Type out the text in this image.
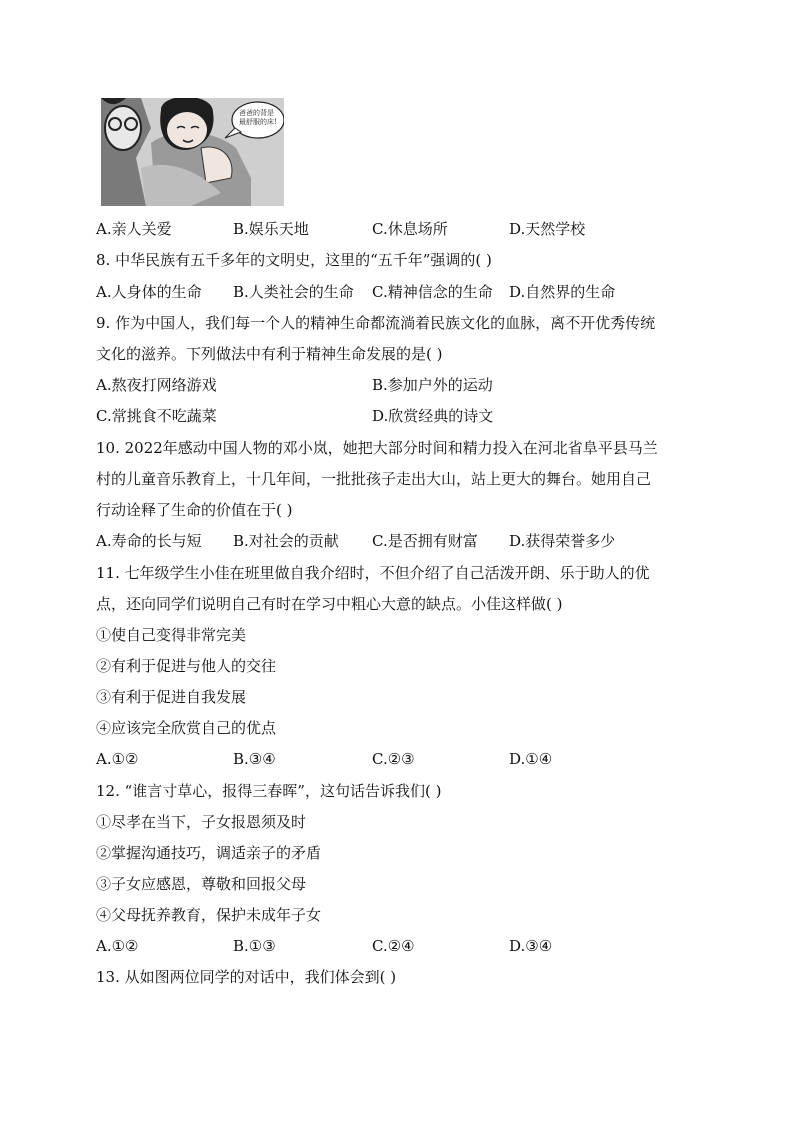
爸爸的背是最舒服的床!
A.亲人关爱	B.娱乐天地	C.休息场所	D.天然学校
8. 中华民族有五千多年的文明史，这里的“五千年”强调的( )
A.人身体的生命 B.人类社会的生命 C.精神信念的生命 D.自然界的生命
9. 作为中国人，我们每一个人的精神生命都流淌着民族文化的血脉，离不开优秀传统
文化的滋养。下列做法中有利于精神生命发展的是( )
A.熬夜打网络游戏	B.参加户外的运动
C.常挑食不吃蔬菜	D.欣赏经典的诗文
10. 2022年感动中国人物的邓小岚，她把大部分时间和精力投入在河北省阜平县马兰
村的儿童音乐教育上，十几年间，一批批孩子走出大山，站上更大的舞台。她用自己
行动诠释了生命的价值在于( )
A.寿命的长与短 B.对社会的贡献 C.是否拥有财富 D.获得荣誉多少
11. 七年级学生小佳在班里做自我介绍时，不但介绍了自己活泼开朗、乐于助人的优
点，还向同学们说明自己有时在学习中粗心大意的缺点。小佳这样做( )
①使自己变得非常完美
②有利于促进与他人的交往
③有利于促进自我发展
④应该完全欣赏自己的优点
A.①②	B.③④	C.②③	D.①④
12. “谁言寸草心，报得三春晖”，这句话告诉我们( )
①尽孝在当下，子女报恩须及时
②掌握沟通技巧，调适亲子的矛盾
③子女应感恩，尊敬和回报父母
④父母抚养教育，保护未成年子女
A.①②	B.①③	C.②④	D.③④
13. 从如图两位同学的对话中，我们体会到( )
